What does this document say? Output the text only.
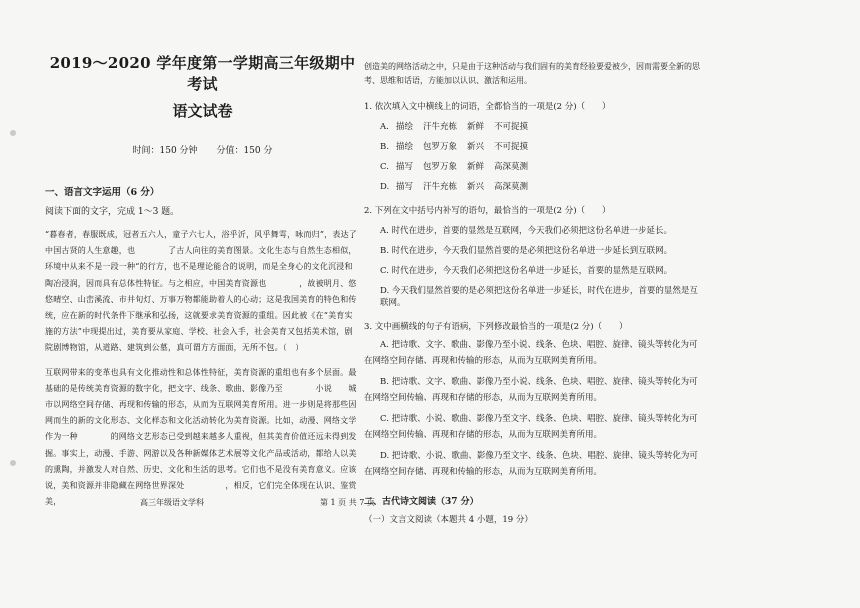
2019～2020 学年度第一学期高三年级期中考试
语文试卷
时间：150 分钟 分值：150 分
一、语言文字运用（6 分）
阅读下面的文字，完成 1～3 题。

“暮春者，春服既成，冠者五六人，童子六七人，浴乎沂，风乎舞雩，咏而归”，表达了中国古贤的人生意趣，也　　　　了古人向往的美育图景。文化生态与自然生态相似，环境中从来不是一段一种“的行方，也不是理论能合的说明，而是全身心的文化沉浸和陶冶浸润，因而具有总体性特征。与之相应，中国美育资源也　　　　，故被明月、悠悠晴空、山峦溪流、市井旬灯、万事万物都能助着人的心动；这是我国美育的特色和传统，应在新的时代条件下继承和弘扬，这就要求美育资源的重组。因此被《在“美育实施的方法”中现提出过，美育要从家庭、学校、社会入手，社会美育又包括美术馆，剧院剧博物馆，从道路、建筑到公墓，真可谓方方面面，无所不包。（　）

互联网带来的变革也具有文化推动性和总体性特征，美育资源的重组也有多个层面。最基础的是传统美育资源的数字化，把文字、线条、歌曲、影像乃至　　　　小说　　城　　　　　　市以网络空间存储、再现和传输的形态，从而为互联网美育所用。进一步则是将那些因网而生的新的文化形态、文化样态和文化活动转化为美育资源。比如，动漫、网络文学作为一种　　　　的网络文艺形态已受到越来越多人重视，但其美育价值还远未得到发掘。事实上，动漫、手游、网游以及各种新媒体艺术展等文化产品或活动，都给人以美的熏陶，并激发人对自然、历史、文化和生活的思考。它们也不是没有美育意义。应该说，美和资源并非隐藏在网络世界深处　　　　　，相反，它们完全体现在认识、鉴赏美，

创造美的网络活动之中，只是由于这种活动与我们固有的美育经验要爱被少，因而需要全新的思考、思维和话语，方能加以认识、激活和运用。

1. 依次填入文中横线上的词语，全都恰当的一项是(2 分)（　　）
A. 描绘 汗牛充栋 新鲜 不可捉摸
B. 描绘 包罗万象 新兴 不可捉摸
C. 描写 包罗万象 新鲜 高深莫测
D. 描写 汗牛充栋 新兴 高深莫测
2. 下列在文中括号内补写的语句，最恰当的一项是(2 分)（　　）
A. 时代在进步，首要的显然是互联网，今天我们必须把这份名单进一步延长。
B. 时代在进步，今天我们显然首要的是必须把这份名单进一步延长到互联网。
C. 时代在进步，今天我们必须把这份名单进一步延长，首要的显然是互联网。
D. 今天我们显然首要的是必须把这份名单进一步延长，时代在进步，首要的显然是互联网。
3. 文中画横线的句子有语病，下列修改最恰当的一项是(2 分)（　　）
A. 把诗歌、文字、歌曲、影像乃至小说、线条、色块、唱腔、旋律、镜头等转化为可在网络空间存储、再现和传输的形态，从而为互联网美育所用。
B. 把诗歌、文字、歌曲、影像乃至小说、线条、色块、唱腔、旋律、镜头等转化为可在网络空间传输、再现和存储的形态，从而为互联网美育所用。
C. 把诗歌、小说、歌曲、影像乃至文字、线条、色块、唱腔、旋律、镜头等转化为可在网络空间传输、再现和存储的形态，从而为互联网美育所用。
D. 把诗歌、小说、歌曲、影像乃至文字、线条、色块、唱腔、旋律、镜头等转化为可在网络空间存储、再现和传输的形态，从而为互联网美育所用。
二、古代诗文阅读（37 分）
（一）文言文阅读（本题共 4 小题，19 分）
高三年级语文学科	第 1 页 共 7 页
